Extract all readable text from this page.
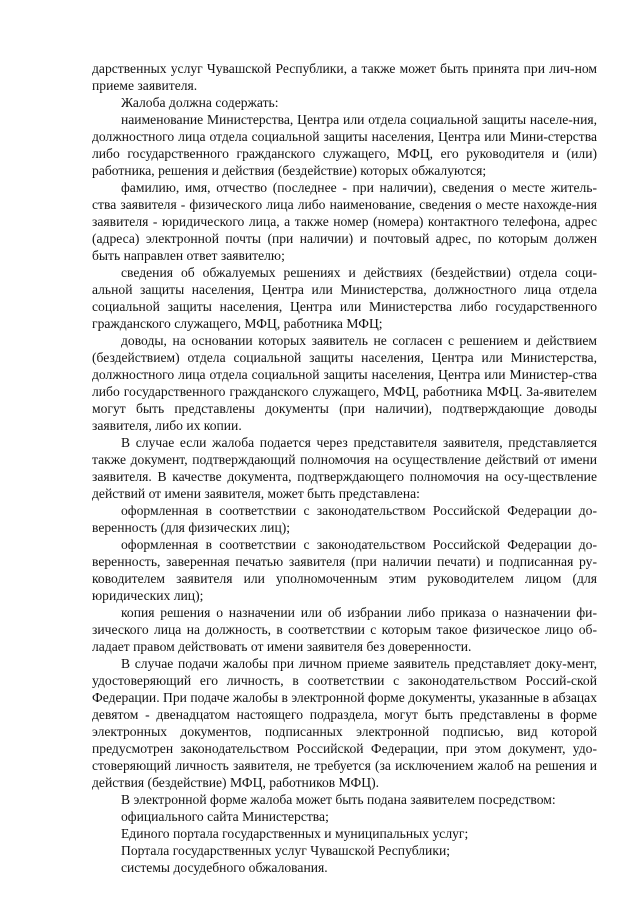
дарственных услуг Чувашской Республики, а также может быть принята при лич-ном приеме заявителя.

Жалоба должна содержать:

наименование Министерства, Центра или отдела социальной защиты населе-ния, должностного лица отдела социальной защиты населения, Центра или Мини-стерства либо государственного гражданского служащего, МФЦ, его руководителя и (или) работника, решения и действия (бездействие) которых обжалуются;

фамилию, имя, отчество (последнее - при наличии), сведения о месте житель-ства заявителя - физического лица либо наименование, сведения о месте нахожде-ния заявителя - юридического лица, а также номер (номера) контактного телефона, адрес (адреса) электронной почты (при наличии) и почтовый адрес, по которым должен быть направлен ответ заявителю;

сведения об обжалуемых решениях и действиях (бездействии) отдела соци-альной защиты населения, Центра или Министерства, должностного лица отдела социальной защиты населения, Центра или Министерства либо государственного гражданского служащего, МФЦ, работника МФЦ;

доводы, на основании которых заявитель не согласен с решением и действием (бездействием) отдела социальной защиты населения, Центра или Министерства, должностного лица отдела социальной защиты населения, Центра или Министер-ства либо государственного гражданского служащего, МФЦ, работника МФЦ. За-явителем могут быть представлены документы (при наличии), подтверждающие доводы заявителя, либо их копии.

В случае если жалоба подается через представителя заявителя, представляется также документ, подтверждающий полномочия на осуществление действий от имени заявителя. В качестве документа, подтверждающего полномочия на осу-ществление действий от имени заявителя, может быть представлена:

оформленная в соответствии с законодательством Российской Федерации до-веренность (для физических лиц);

оформленная в соответствии с законодательством Российской Федерации до-веренность, заверенная печатью заявителя (при наличии печати) и подписанная ру-ководителем заявителя или уполномоченным этим руководителем лицом (для юридических лиц);

копия решения о назначении или об избрании либо приказа о назначении фи-зического лица на должность, в соответствии с которым такое физическое лицо об-ладает правом действовать от имени заявителя без доверенности.

В случае подачи жалобы при личном приеме заявитель представляет доку-мент, удостоверяющий его личность, в соответствии с законодательством Россий-ской Федерации. При подаче жалобы в электронной форме документы, указанные в абзацах девятом - двенадцатом настоящего подраздела, могут быть представлены в форме электронных документов, подписанных электронной подписью, вид которой предусмотрен законодательством Российской Федерации, при этом документ, удо-стоверяющий личность заявителя, не требуется (за исключением жалоб на решения и действия (бездействие) МФЦ, работников МФЦ).

В электронной форме жалоба может быть подана заявителем посредством:

официального сайта Министерства;

Единого портала государственных и муниципальных услуг;

Портала государственных услуг Чувашской Республики;

системы досудебного обжалования.
